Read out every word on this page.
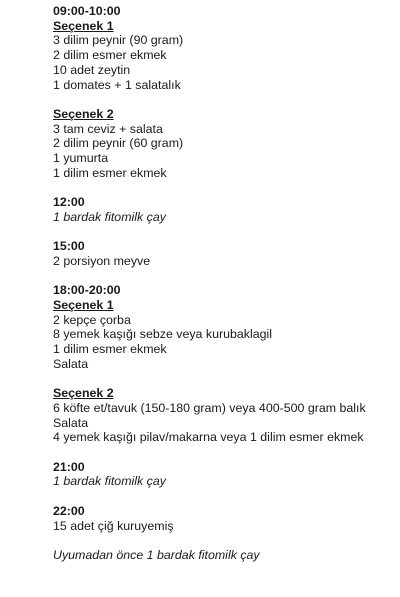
09:00-10:00
Seçenek 1
3 dilim peynir (90 gram)
2 dilim esmer ekmek
10 adet zeytin
1 domates + 1 salatalık
Seçenek 2
3 tam ceviz + salata
2 dilim peynir (60 gram)
1 yumurta
1 dilim esmer ekmek
12:00
1 bardak fitomilk çay
15:00
2 porsiyon meyve
18:00-20:00
Seçenek 1
2 kepçe çorba
8 yemek kaşığı sebze veya kurubaklagil
1 dilim esmer ekmek
Salata
Seçenek 2
6 köfte et/tavuk (150-180 gram) veya 400-500 gram balık
Salata
4 yemek kaşığı pilav/makarna veya 1 dilim esmer ekmek
21:00
1 bardak fitomilk çay
22:00
15 adet çiğ kuruyemiş
Uyumadan önce 1 bardak fitomilk çay
